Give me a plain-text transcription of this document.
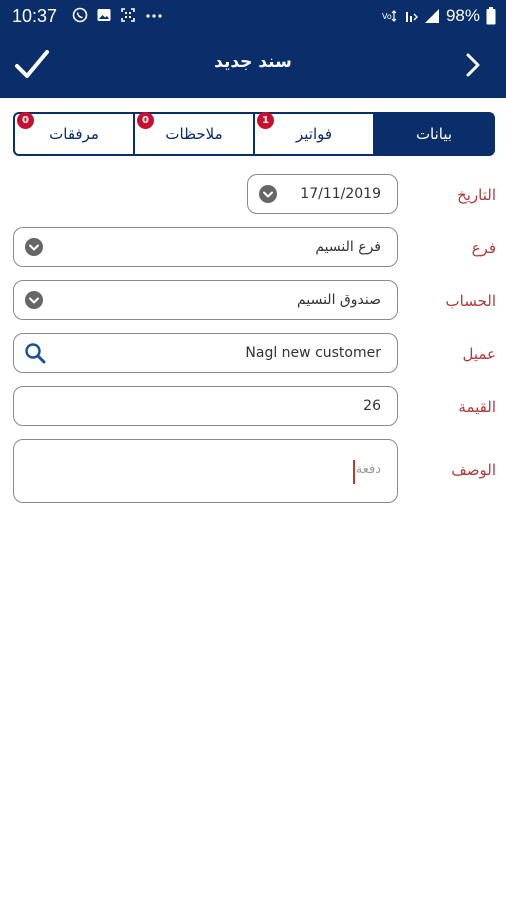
10:37	Vo	98%
سند جديد
بيانات
فواتير
1
ملاحظات
0
مرفقات
0
التاريخ
17/11/2019
فرع
فرع النسيم
الحساب
صندوق النسيم
عميل
Nagl new customer
القيمة
26
الوصف
دفعة
